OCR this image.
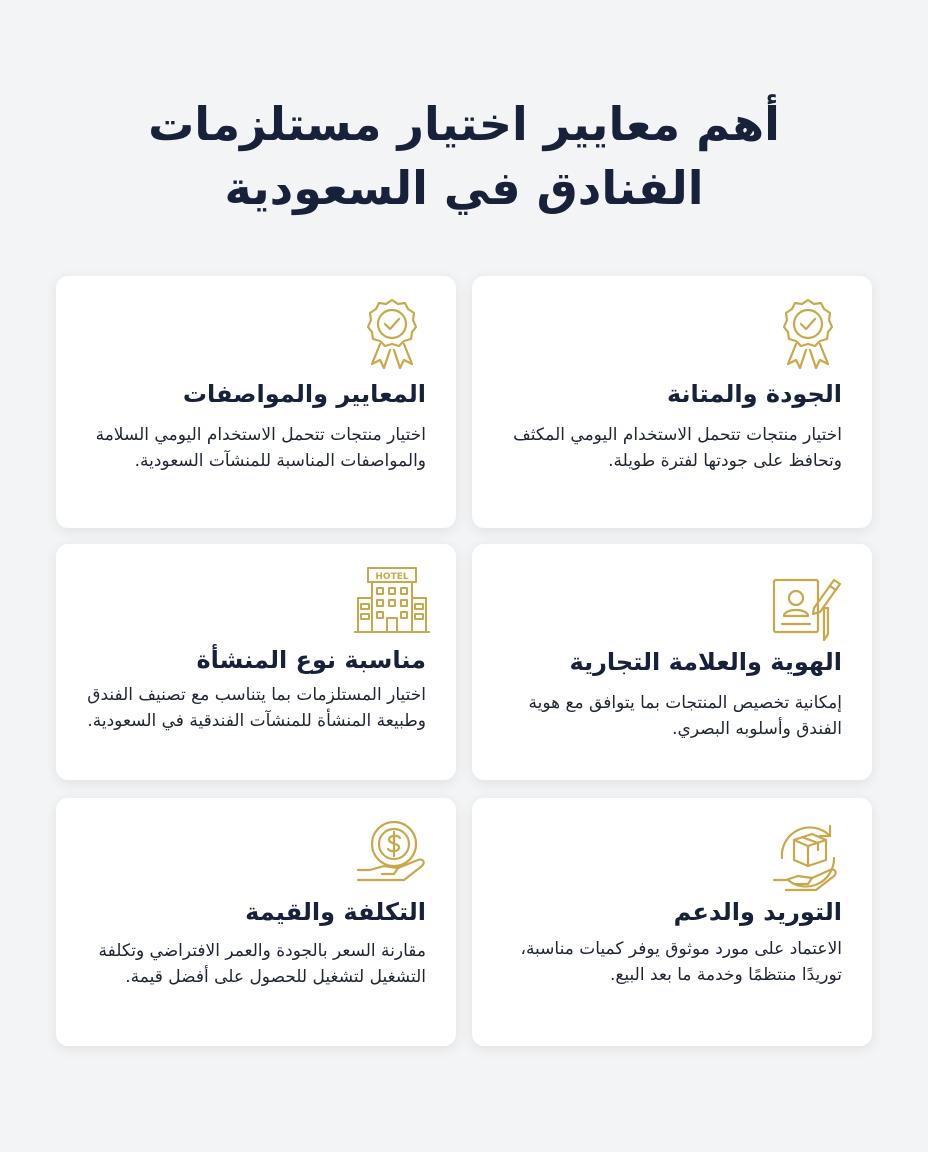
أهم معايير اختيار مستلزمات
الفنادق في السعودية
الجودة والمتانة

اختيار منتجات تتحمل الاستخدام اليومي المكثف وتحافظ على جودتها لفترة طويلة.

المعايير والمواصفات

اختيار منتجات تتحمل الاستخدام اليومي السلامة والمواصفات المناسبة للمنشآت السعودية.

الهوية والعلامة التجارية

إمكانية تخصيص المنتجات بما يتوافق مع هوية الفندق وأسلوبه البصري.

HOTEL
مناسبة نوع المنشأة

اختيار المستلزمات بما يتناسب مع تصنيف الفندق وطبيعة المنشأة للمنشآت الفندقية في السعودية.

التوريد والدعم

الاعتماد على مورد موثوق يوفر كميات مناسبة، توريدًا منتظمًا وخدمة ما بعد البيع.

التكلفة والقيمة

مقارنة السعر بالجودة والعمر الافتراضي وتكلفة التشغيل لتشغيل للحصول على أفضل قيمة.
